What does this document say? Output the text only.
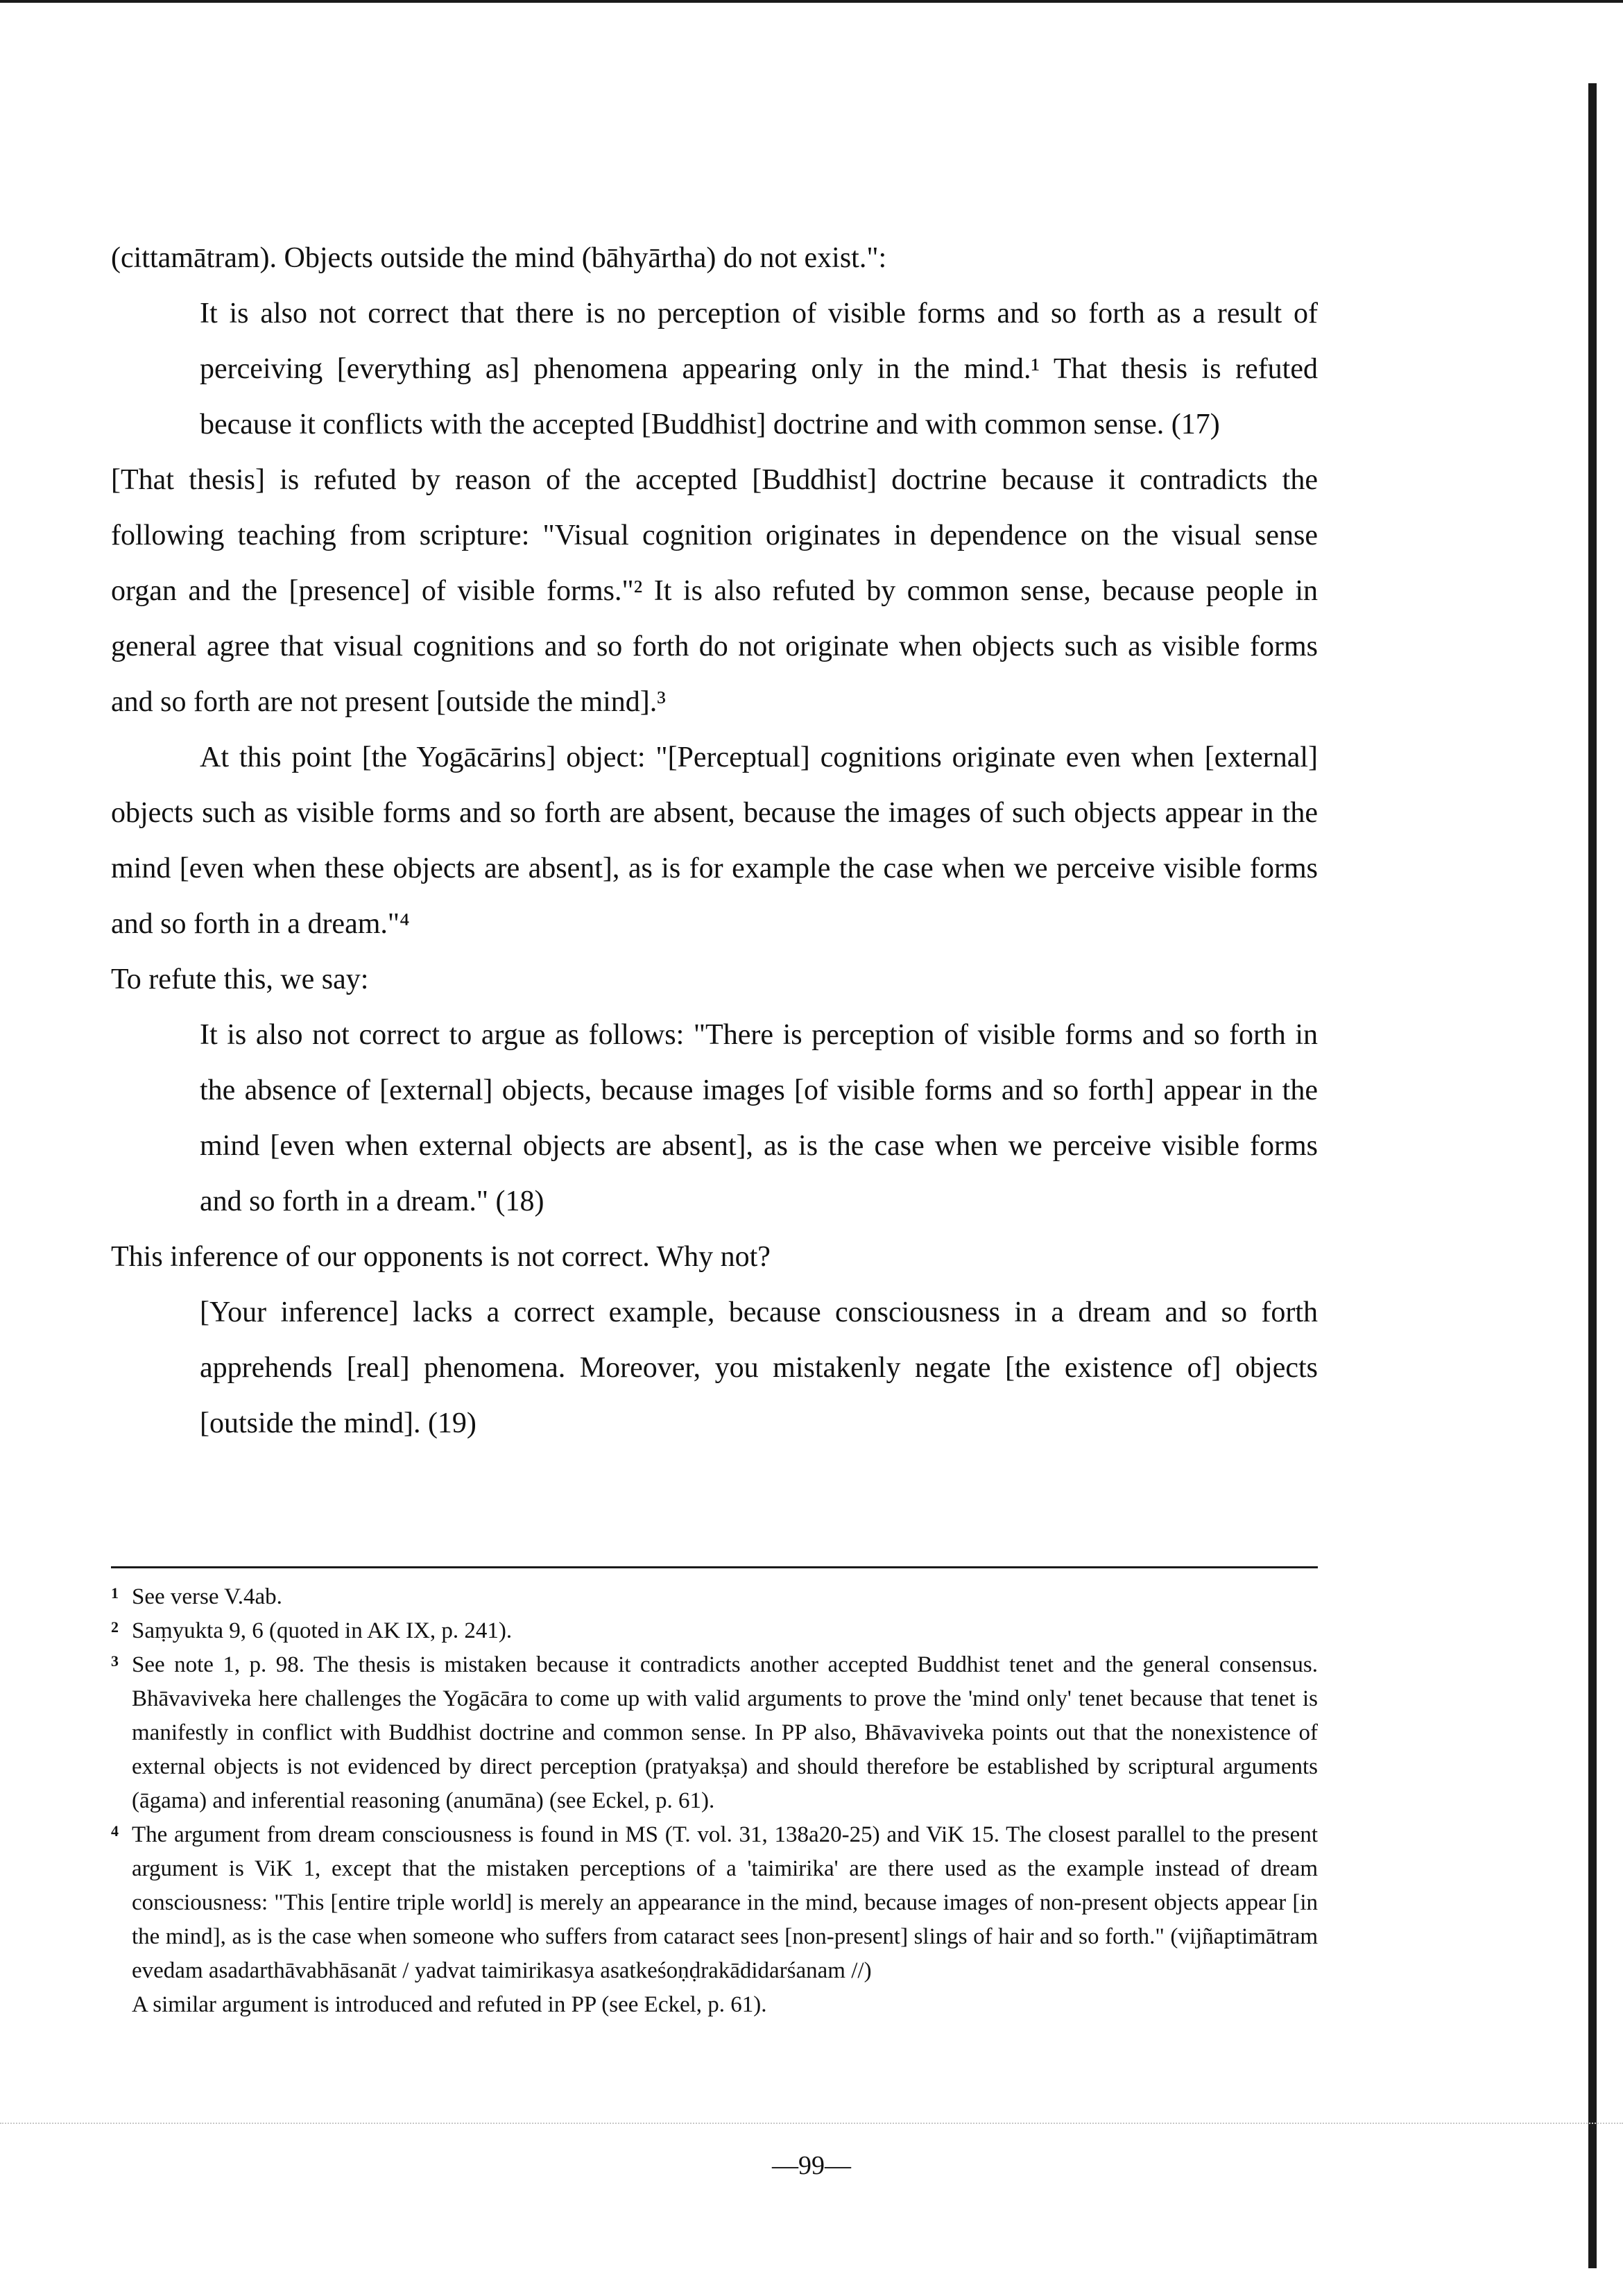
(cittamātram). Objects outside the mind (bāhyārtha) do not exist.":

It is also not correct that there is no perception of visible forms and so forth as a result of perceiving [everything as] phenomena appearing only in the mind.¹ That thesis is refuted because it conflicts with the accepted [Buddhist] doctrine and with common sense. (17)

[That thesis] is refuted by reason of the accepted [Buddhist] doctrine because it contradicts the following teaching from scripture: "Visual cognition originates in dependence on the visual sense organ and the [presence] of visible forms."² It is also refuted by common sense, because people in general agree that visual cognitions and so forth do not originate when objects such as visible forms and so forth are not present [outside the mind].³

At this point [the Yogācārins] object: "[Perceptual] cognitions originate even when [external] objects such as visible forms and so forth are absent, because the images of such objects appear in the mind [even when these objects are absent], as is for example the case when we perceive visible forms and so forth in a dream."⁴

To refute this, we say:

It is also not correct to argue as follows: "There is perception of visible forms and so forth in the absence of [external] objects, because images [of visible forms and so forth] appear in the mind [even when external objects are absent], as is the case when we perceive visible forms and so forth in a dream." (18)

This inference of our opponents is not correct. Why not?

[Your inference] lacks a correct example, because consciousness in a dream and so forth apprehends [real] phenomena. Moreover, you mistakenly negate [the existence of] objects [outside the mind]. (19)

1 See verse V.4ab.
2 Saṃyukta 9, 6 (quoted in AK IX, p. 241).
3 See note 1, p. 98. The thesis is mistaken because it contradicts another accepted Buddhist tenet and the general consensus. Bhāvaviveka here challenges the Yogācāra to come up with valid arguments to prove the 'mind only' tenet because that tenet is manifestly in conflict with Buddhist doctrine and common sense. In PP also, Bhāvaviveka points out that the nonexistence of external objects is not evidenced by direct perception (pratyakṣa) and should therefore be established by scriptural arguments (āgama) and inferential reasoning (anumāna) (see Eckel, p. 61).
4 The argument from dream consciousness is found in MS (T. vol. 31, 138a20-25) and ViK 15. The closest parallel to the present argument is ViK 1, except that the mistaken perceptions of a 'taimirika' are there used as the example instead of dream consciousness: "This [entire triple world] is merely an appearance in the mind, because images of non-present objects appear [in the mind], as is the case when someone who suffers from cataract sees [non-present] slings of hair and so forth." (vijñaptimātram evedam asadarthāvabhāsanāt / yadvat taimirikasya asatkeśoṇḍrakādidarśanam //)
A similar argument is introduced and refuted in PP (see Eckel, p. 61).
—99—
